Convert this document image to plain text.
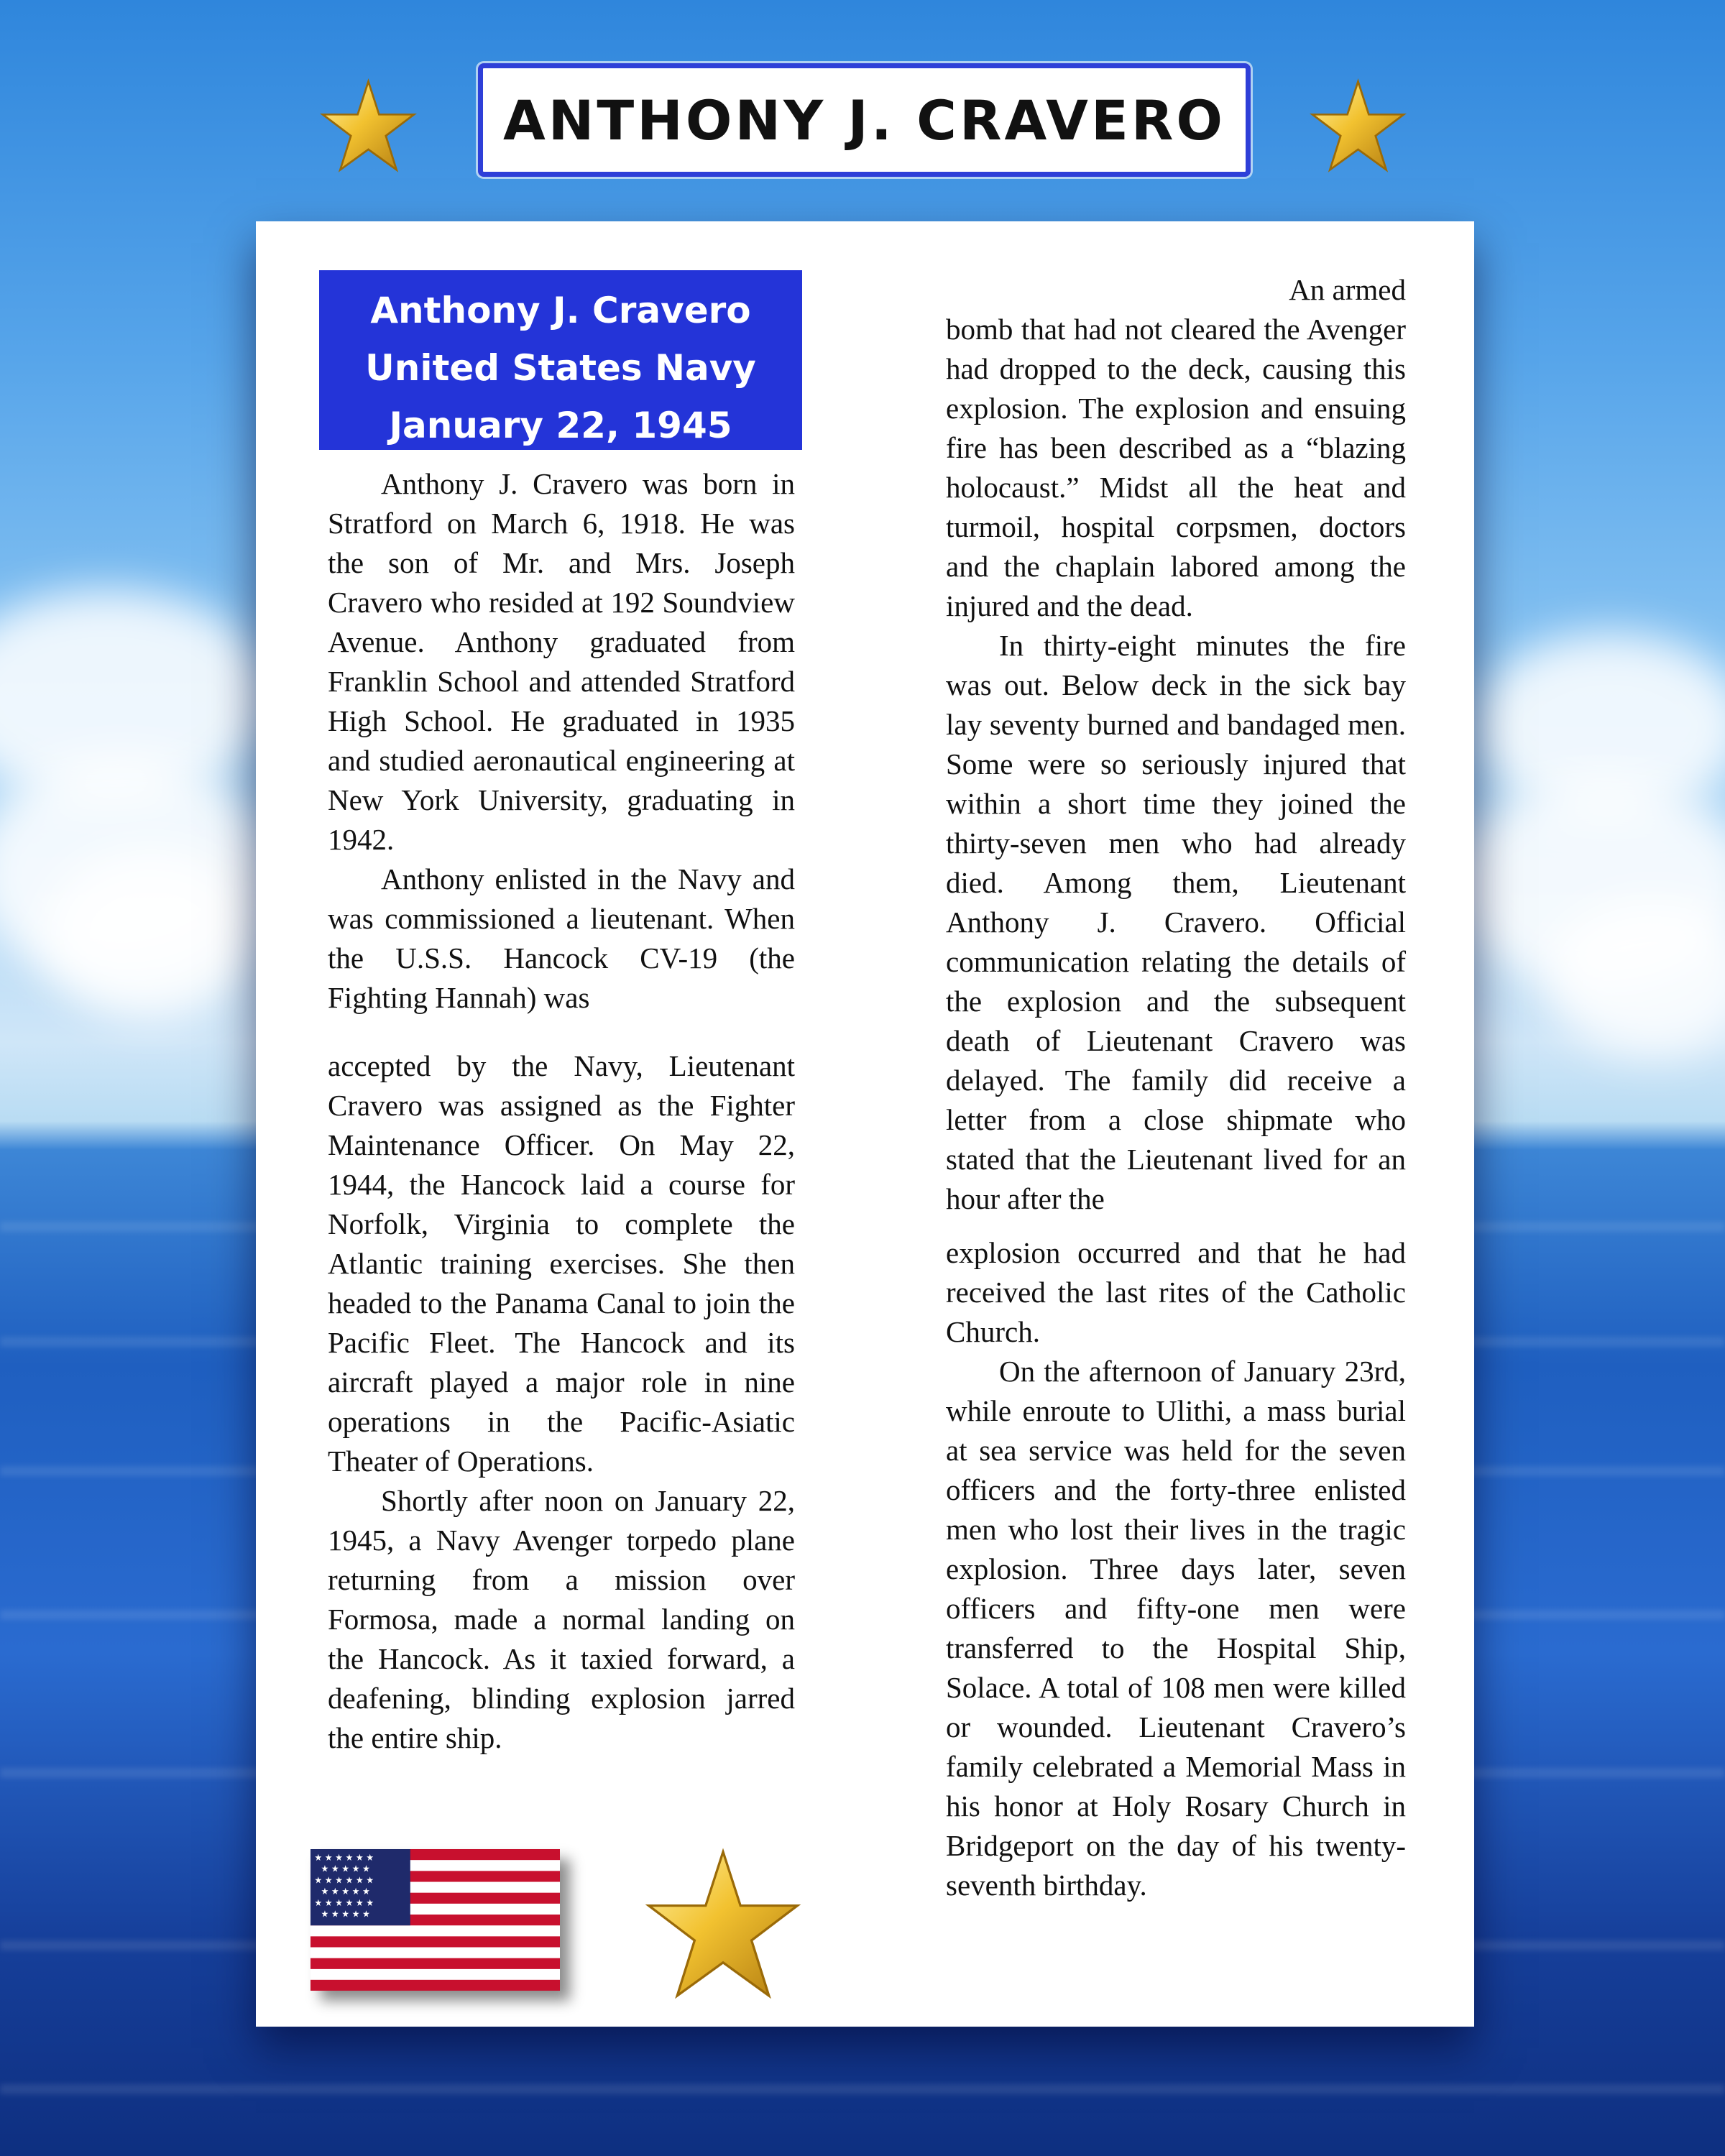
ANTHONY J. CRAVERO
Anthony J. Cravero
United States Navy
January 22, 1945

Anthony J. Cravero was born in Stratford on March 6, 1918. He was the son of Mr. and Mrs. Joseph Cravero who resided at 192 Soundview Avenue. Anthony graduated from Franklin School and attended Stratford High School. He graduated in 1935 and studied aeronautical engineering at New York University, graduating in 1942.

Anthony enlisted in the Navy and was commissioned a lieutenant. When the U.S.S. Hancock CV-19 (the Fighting Hannah) was

accepted by the Navy, Lieutenant Cravero was assigned as the Fighter Maintenance Officer. On May 22, 1944, the Hancock laid a course for Norfolk, Virginia to complete the Atlantic training exercises. She then headed to the Panama Canal to join the Pacific Fleet. The Hancock and its aircraft played a major role in nine operations in the Pacific-Asiatic Theater of Operations.

Shortly after noon on January 22, 1945, a Navy Avenger torpedo plane returning from a mission over Formosa, made a normal landing on the Hancock. As it taxied forward, a deafening, blinding explosion jarred the entire ship.

An armed

bomb that had not cleared the Avenger had dropped to the deck, causing this explosion. The explosion and ensuing fire has been described as a “blazing holocaust.” Midst all the heat and turmoil, hospital corpsmen, doctors and the chaplain labored among the injured and the dead.

In thirty-eight minutes the fire was out. Below deck in the sick bay lay seventy burned and bandaged men. Some were so seriously injured that within a short time they joined the thirty-seven men who had already died. Among them, Lieutenant Anthony J. Cravero. Official communication relating the details of the explosion and the subsequent death of Lieutenant Cravero was delayed. The family did receive a letter from a close shipmate who stated that the Lieutenant lived for an hour after the

explosion occurred and that he had received the last rites of the Catholic Church.

On the afternoon of January 23rd, while enroute to Ulithi, a mass burial at sea service was held for the seven officers and the forty-three enlisted men who lost their lives in the tragic explosion. Three days later, seven officers and fifty-one men were transferred to the Hospital Ship, Solace. A total of 108 men were killed or wounded. Lieutenant Cravero’s family celebrated a Memorial Mass in his honor at Holy Rosary Church in Bridgeport on the day of his twenty-seventh birthday.

★ ★ ★ ★ ★ ★
★ ★ ★ ★ ★
★ ★ ★ ★ ★ ★
★ ★ ★ ★ ★
★ ★ ★ ★ ★ ★
★ ★ ★ ★ ★
